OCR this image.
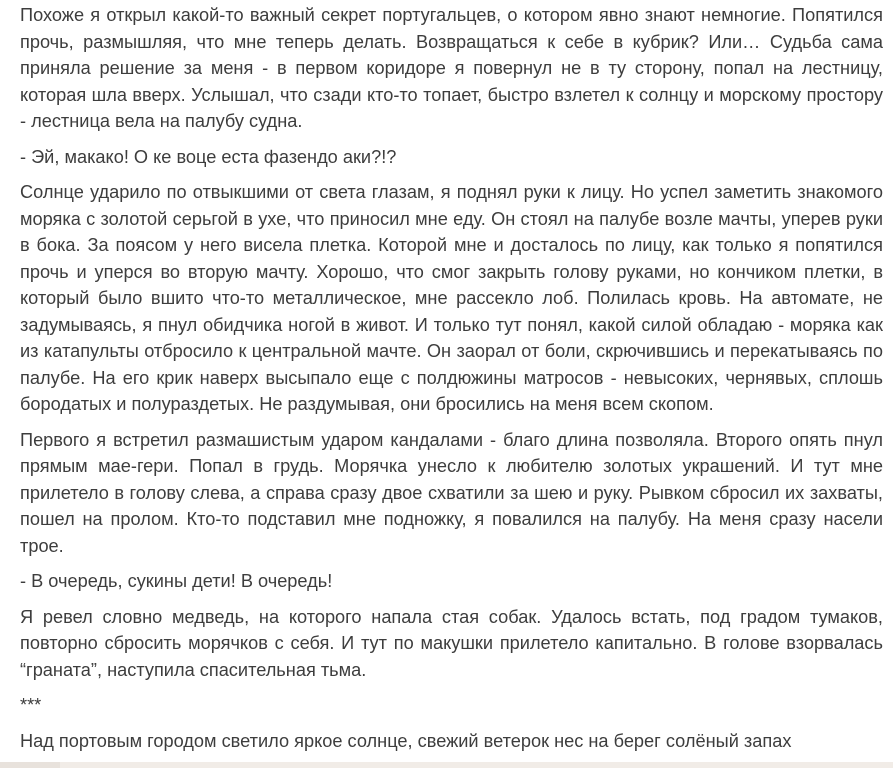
Похоже я открыл какой-то важный секрет португальцев, о котором явно знают немногие. Попятился прочь, размышляя, что мне теперь делать. Возвращаться к себе в кубрик? Или… Судьба сама приняла решение за меня - в первом коридоре я повернул не в ту сторону, попал на лестницу, которая шла вверх. Услышал, что сзади кто-то топает, быстро взлетел к солнцу и морскому простору - лестница вела на палубу судна.

- Эй, макако! О ке воце еста фазендо аки?!?

Солнце ударило по отвыкшими от света глазам, я поднял руки к лицу. Но успел заметить знакомого моряка с золотой серьгой в ухе, что приносил мне еду. Он стоял на палубе возле мачты, уперев руки в бока. За поясом у него висела плетка. Которой мне и досталось по лицу, как только я попятился прочь и уперся во вторую мачту. Хорошо, что смог закрыть голову руками, но кончиком плетки, в который было вшито что-то металлическое, мне рассекло лоб. Полилась кровь. На автомате, не задумываясь, я пнул обидчика ногой в живот. И только тут понял, какой силой обладаю - моряка как из катапульты отбросило к центральной мачте. Он заорал от боли, скрючившись и перекатываясь по палубе. На его крик наверх высыпало еще с полдюжины матросов - невысоких, чернявых, сплошь бородатых и полураздетых. Не раздумывая, они бросились на меня всем скопом.

Первого я встретил размашистым ударом кандалами - благо длина позволяла. Второго опять пнул прямым мае-гери. Попал в грудь. Морячка унесло к любителю золотых украшений. И тут мне прилетело в голову слева, а справа сразу двое схватили за шею и руку. Рывком сбросил их захваты, пошел на пролом. Кто-то подставил мне подножку, я повалился на палубу. На меня сразу насели трое.

- В очередь, сукины дети! В очередь!

Я ревел словно медведь, на которого напала стая собак. Удалось встать, под градом тумаков, повторно сбросить морячков с себя. И тут по макушки прилетело капитально. В голове взорвалась “граната”, наступила спасительная тьма.

***

Над портовым городом светило яркое солнце, свежий ветерок нес на берег солёный запах
